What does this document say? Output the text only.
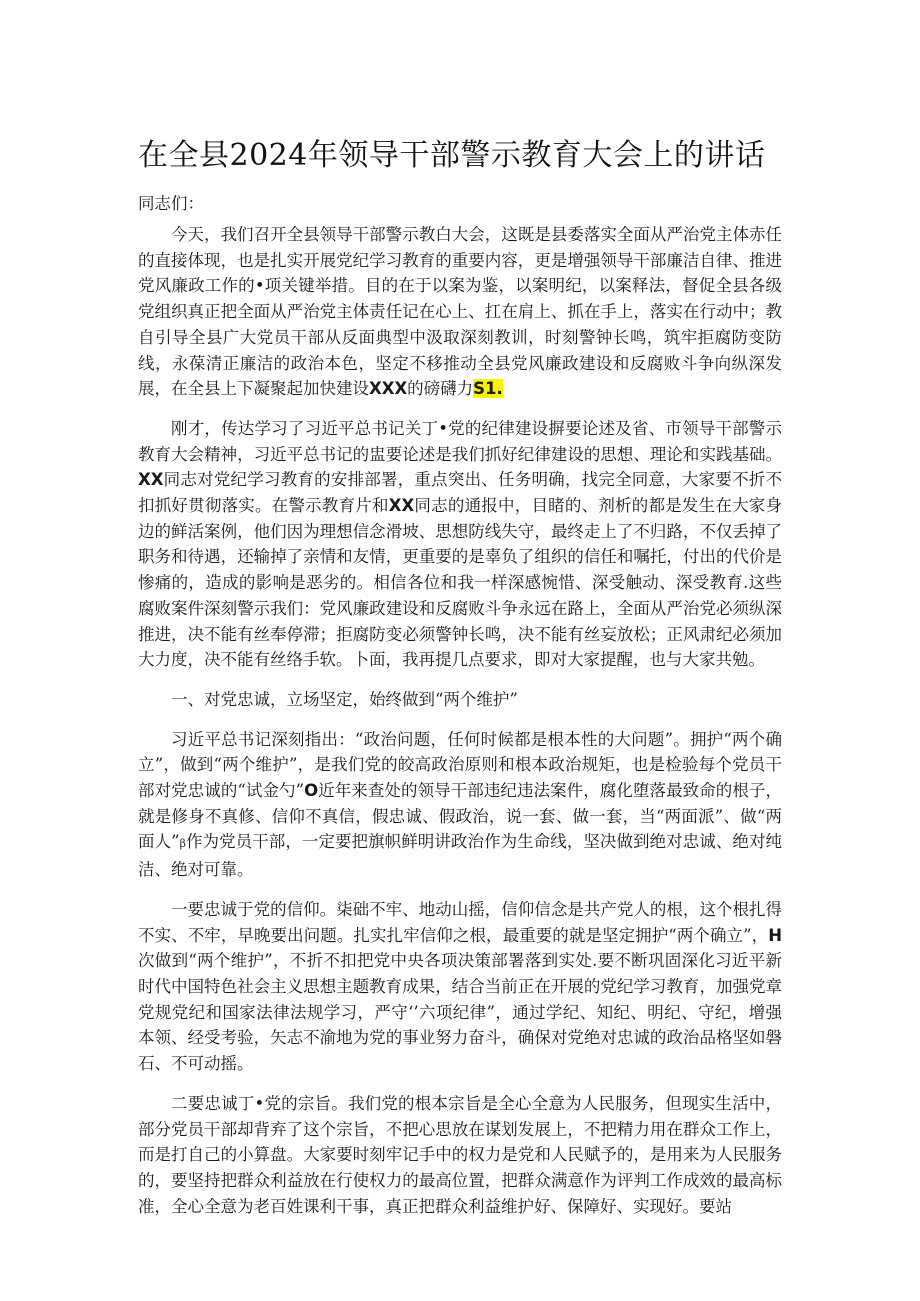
在全县2024年领导干部警示教育大会上的讲话

同志们：

今天，我们召开全县领导干部警示教白大会，这既是县委落实全面从严治党主体赤任的直接体现，也是扎实开展党纪学习教育的重要内容，更是增强领导干部廉洁自律、推进党风廉政工作的•项关键举措。目的在于以案为鉴，以案明纪，以案释法，督促全县各级党组织真正把全面从严治党主体责任记在心上、扛在肩上、抓在手上，落实在行动中；教自引导全县广大党员干部从反面典型中汲取深刻教训，时刻警钟长鸣，筑牢拒腐防变防线，永葆清正廉洁的政治本色，坚定不移推动全县党风廉政建设和反腐败斗争向纵深发展，在全县上下凝聚起加快建设XXX的磅礴力S1.

刚才，传达学习了习近平总书记关丁•党的纪律建设摒要论述及省、市领导干部警示教育大会精神，习近平总书记的盅要论述是我们抓好纪律建设的思想、理论和实践基础。XX同志对党纪学习教育的安排部署，重点突出、任务明确，找完全同意，大家要不折不扣抓好贯彻落实。在警示教育片和XX同志的通报中，目睹的、剂析的都是发生在大家身边的鲜活案例，他们因为理想信念滑坡、思想防线失守，最终走上了不归路，不仅丢掉了职务和待遇，还输掉了亲情和友情，更重要的是辜负了组织的信任和嘱托，付出的代价是惨痛的，造成的影响是恶劣的。相信各位和我一样深感惋惜、深受触动、深受教育.这些腐败案件深刻警示我们：党风廉政建设和反腐败斗争永远在路上，全面从严治党必须纵深推进，决不能有丝奉停滞；拒腐防变必须警钟长鸣，决不能有丝妄放松；正风肃纪必须加大力度，决不能有丝络手软。卜面，我再提几点要求，即对大家提醒，也与大家共勉。

一、对党忠诚，立场坚定，始终做到“两个维护”

习近平总书记深刻指出：“政治问题，任何时候都是根本性的大问题”。拥护“两个确立”，做到“两个维护”，是我们党的皎高政治原则和根本政治规矩，也是检验每个党员干部对党忠诚的“试金勺”O近年来查处的领导干部违纪违法案件，腐化堕落最致命的根子，就是修身不真修、信仰不真信，假忠诚、假政治，说一套、做一套，当“两面派”、做“两面人”β作为党员干部，一定要把旗帜鲜明讲政治作为生命线，坚决做到绝对忠诚、绝对纯洁、绝对可靠。

一要忠诚于党的信仰。柒础不牢、地动山摇，信仰信念是共产党人的根，这个根扎得不实、不牢，早晚要出问题。扎实扎牢信仰之根，最重要的就是坚定拥护“两个确立”，H次做到“两个维护”，不折不扣把党中央各项决策部署落到实处.要不断巩固深化习近平新时代中国特色社会主义思想主题教育成果，结合当前正在开展的党纪学习教育，加强党章党规党纪和国家法律法规学习，严守‘’六项纪律”，通过学纪、知纪、明纪、守纪，增强本领、经受考验，矢志不渝地为党的事业努力奋斗，确保对党绝对忠诚的政治品格坚如磐石、不可动摇。

二要忠诚丁•党的宗旨。我们党的根本宗旨是全心全意为人民服务，但现实生活中，部分党员干部却背弃了这个宗旨，不把心思放在谋划发展上，不把精力用在群众工作上，而是打自己的小算盘。大家要时刻牢记手中的权力是党和人民赋予的，是用来为人民服务的，要坚持把群众利益放在行使权力的最高位置，把群众满意作为评判工作成效的最高标准，全心全意为老百姓课利干事，真正把群众利益维护好、保障好、实现好。要站
